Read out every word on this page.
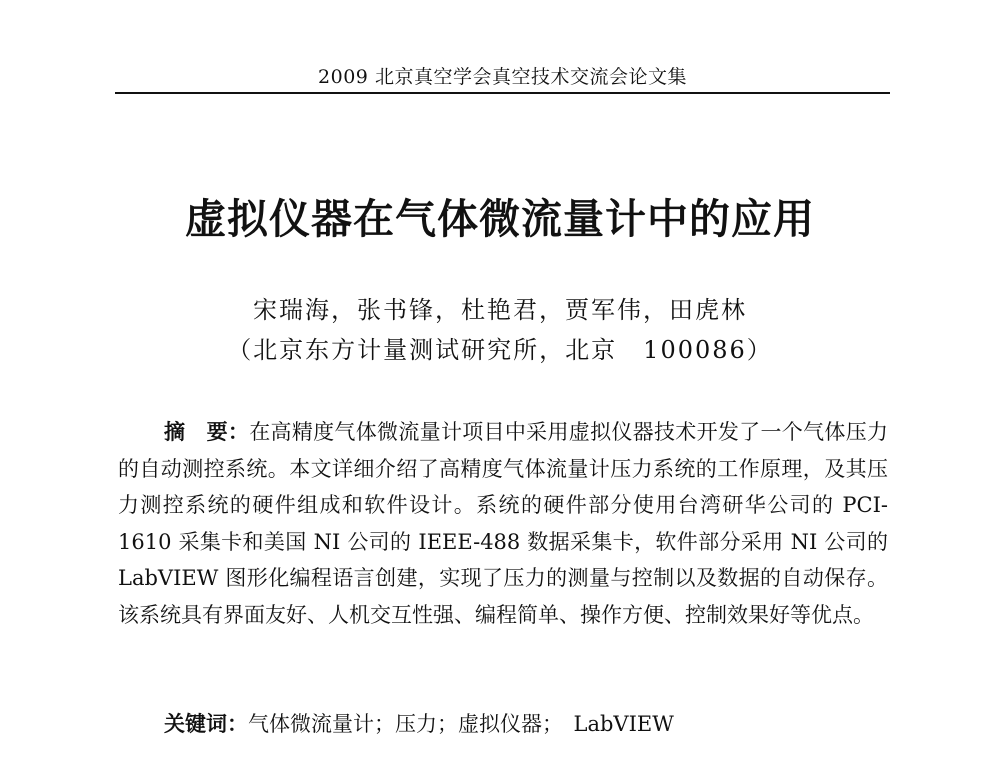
2009 北京真空学会真空技术交流会论文集
虚拟仪器在气体微流量计中的应用
宋瑞海，张书锋，杜艳君，贾军伟，田虎林
（北京东方计量测试研究所，北京　100086）
摘　要：在高精度气体微流量计项目中采用虚拟仪器技术开发了一个气体压力的自动测控系统。本文详细介绍了高精度气体流量计压力系统的工作原理，及其压力测控系统的硬件组成和软件设计。系统的硬件部分使用台湾研华公司的 PCI-1610 采集卡和美国 NI 公司的 IEEE-488 数据采集卡，软件部分采用 NI 公司的 LabVIEW 图形化编程语言创建，实现了压力的测量与控制以及数据的自动保存。该系统具有界面友好、人机交互性强、编程简单、操作方便、控制效果好等优点。
关键词：气体微流量计；压力；虚拟仪器；　LabVIEW
